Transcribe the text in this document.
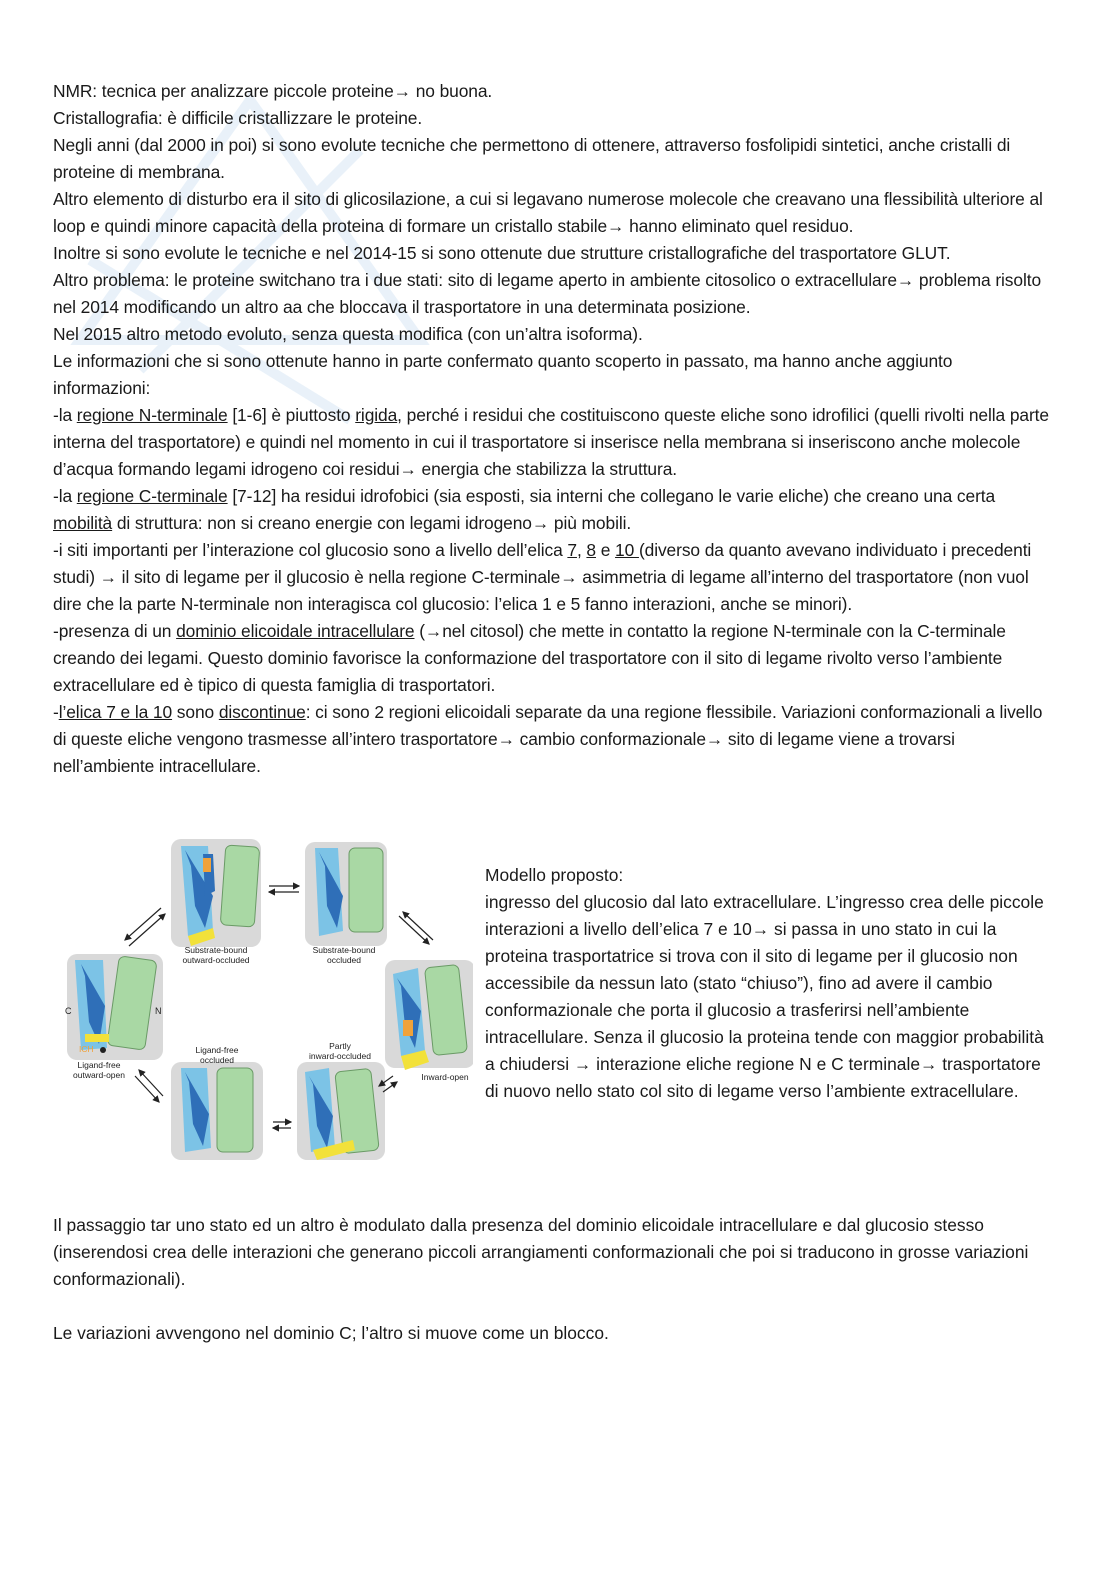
NMR: tecnica per analizzare piccole proteine→ no buona.

Cristallografia: è difficile cristallizzare le proteine.

Negli anni (dal 2000 in poi) si sono evolute tecniche che permettono di ottenere, attraverso fosfolipidi sintetici, anche cristalli di proteine di membrana.

Altro elemento di disturbo era il sito di glicosilazione, a cui si legavano numerose molecole che creavano una flessibilità ulteriore al loop e quindi minore capacità della proteina di formare un cristallo stabile→ hanno eliminato quel residuo.

Inoltre si sono evolute le tecniche e nel 2014-15 si sono ottenute due strutture cristallografiche del trasportatore GLUT.

Altro problema: le proteine switchano tra i due stati: sito di legame aperto in ambiente citosolico o extracellulare→ problema risolto nel 2014 modificando un altro aa che bloccava il trasportatore in una determinata posizione.

Nel 2015 altro metodo evoluto, senza questa modifica (con un’altra isoforma).

Le informazioni che si sono ottenute hanno in parte confermato quanto scoperto in passato, ma hanno anche aggiunto informazioni:

-la regione N-terminale [1-6] è piuttosto rigida, perché i residui che costituiscono queste eliche sono idrofilici (quelli rivolti nella parte interna del trasportatore) e quindi nel momento in cui il trasportatore si inserisce nella membrana si inseriscono anche molecole d’acqua formando legami idrogeno coi residui→ energia che stabilizza la struttura.

-la regione C-terminale [7-12] ha residui idrofobici (sia esposti, sia interni che collegano le varie eliche) che creano una certa mobilità di struttura: non si creano energie con legami idrogeno→ più mobili.

-i siti importanti per l’interazione col glucosio sono a livello dell’elica 7, 8 e 10 (diverso da quanto avevano individuato i precedenti studi) → il sito di legame per il glucosio è nella regione C-terminale→ asimmetria di legame all’interno del trasportatore (non vuol dire che la parte N-terminale non interagisca col glucosio: l’elica 1 e 5 fanno interazioni, anche se minori).

-presenza di un dominio elicoidale intracellulare (→nel citosol) che mette in contatto la regione N-terminale con la C-terminale creando dei legami. Questo dominio favorisce la conformazione del trasportatore con il sito di legame rivolto verso l’ambiente extracellulare ed è tipico di questa famiglia di trasportatori.

-l’elica 7 e la 10 sono discontinue: ci sono 2 regioni elicoidali separate da una regione flessibile. Variazioni conformazionali a livello di queste eliche vengono trasmesse all’intero trasportatore→ cambio conformazionale→ sito di legame viene a trovarsi nell’ambiente intracellulare.

Substrate-bound
outward-occluded
Substrate-bound
occluded
C	N
ICH
Ligand-free
outward-open	Inward-open
Ligand-free
occluded
Partly
inward-occluded

Modello proposto:

ingresso del glucosio dal lato extracellulare. L’ingresso crea delle piccole interazioni a livello dell’elica 7 e 10→ si passa in uno stato in cui la proteina trasportatrice si trova con il sito di legame per il glucosio non accessibile da nessun lato (stato “chiuso”), fino ad avere il cambio conformazionale che porta il glucosio a trasferirsi nell’ambiente intracellulare. Senza il glucosio la proteina tende con maggior probabilità a chiudersi → interazione eliche regione N e C terminale→ trasportatore di nuovo nello stato col sito di legame verso l’ambiente extracellulare.

Il passaggio tar uno stato ed un altro è modulato dalla presenza del dominio elicoidale intracellulare e dal glucosio stesso (inserendosi crea delle interazioni che generano piccoli arrangiamenti conformazionali che poi si traducono in grosse variazioni conformazionali).

Le variazioni avvengono nel dominio C; l’altro si muove come un blocco.
